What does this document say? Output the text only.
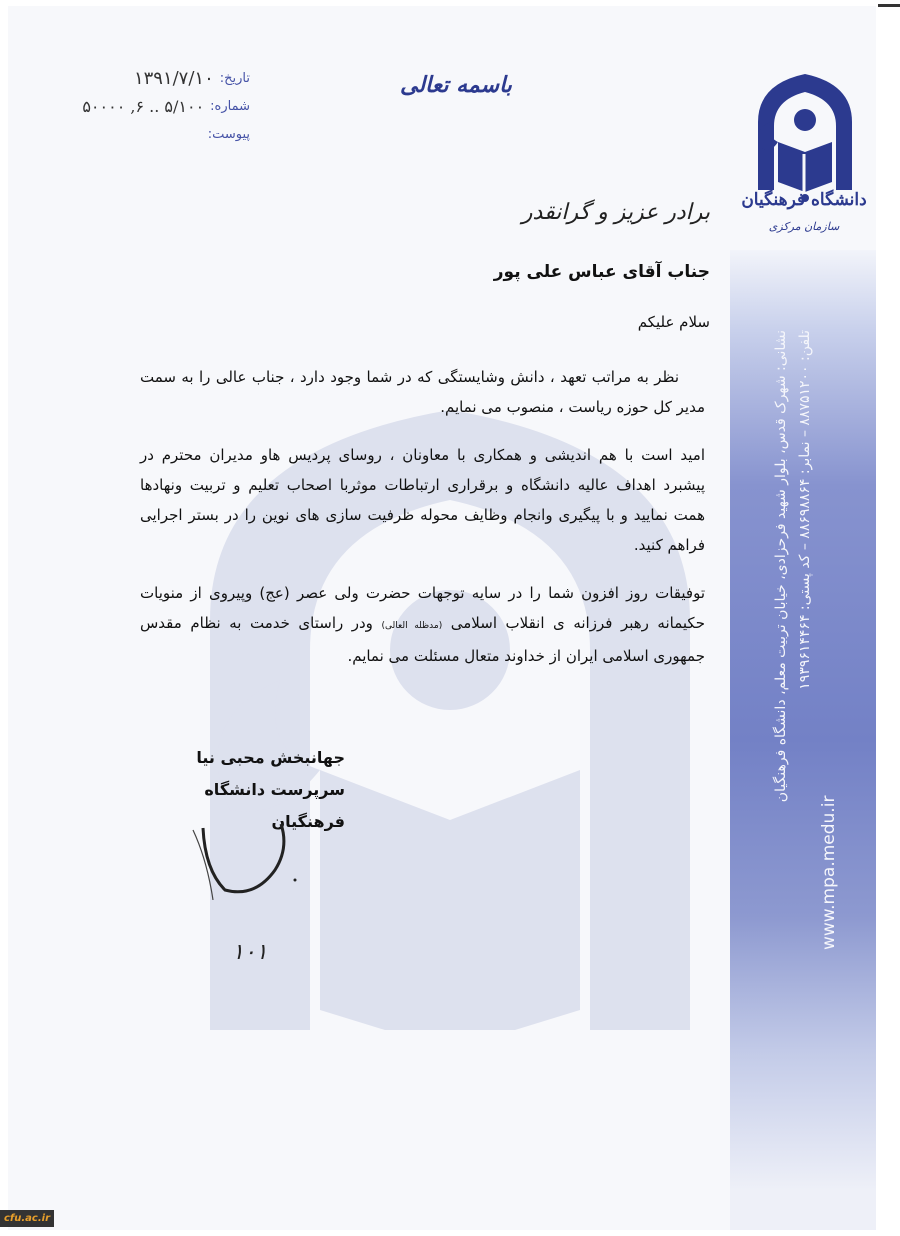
تاریخ:
۱۳۹۱/۷/۱۰
شماره:
۵/۱۰۰ .. ۶, ۵۰۰۰۰
پیوست:
باسمه تعالی
دانشگاه فرهنگیان
سازمان مرکزی
برادر عزیز و گرانقدر
جناب آقای عباس علی پور
سلام علیکم

نظر به مراتب تعهد ، دانش وشایستگی که در شما وجود دارد ، جناب عالی را به سمت مدیر کل حوزه ریاست ، منصوب می نمایم.

امید است با هم اندیشی و همکاری با معاونان ، روسای پردیس هاو مدیران محترم در پیشبرد اهداف عالیه دانشگاه و برقراری ارتباطات موثربا اصحاب تعلیم و تربیت ونهادها همت نمایید و با پیگیری وانجام وظایف محوله ظرفیت سازی های نوین را در بستر اجرایی فراهم کنید.

توفیقات روز افزون شما را در سایه توجهات حضرت ولی عصر (عج) وپیروی از منویات حکیمانه رهبر فرزانه ی انقلاب اسلامی (مدظله العالی) ودر راستای خدمت به نظام مقدس جمهوری اسلامی ایران از خداوند متعال مسئلت می نمایم.

جهانبخش محبی نیا
سرپرست دانشگاه فرهنگیان
۱۰۱
نشانی: شهرک قدس، بلوار شهید فرحزادی، خیابان تربیت معلم، دانشگاه فرهنگیان تلفن: ۸۸۷۵۱۲۰۰ – نمابر: ۸۸۶۹۸۸۶۴ – کد پستی: ۱۹۳۹۶۱۴۴۶۴
www.mpa.medu.ir
cfu.ac.ir
